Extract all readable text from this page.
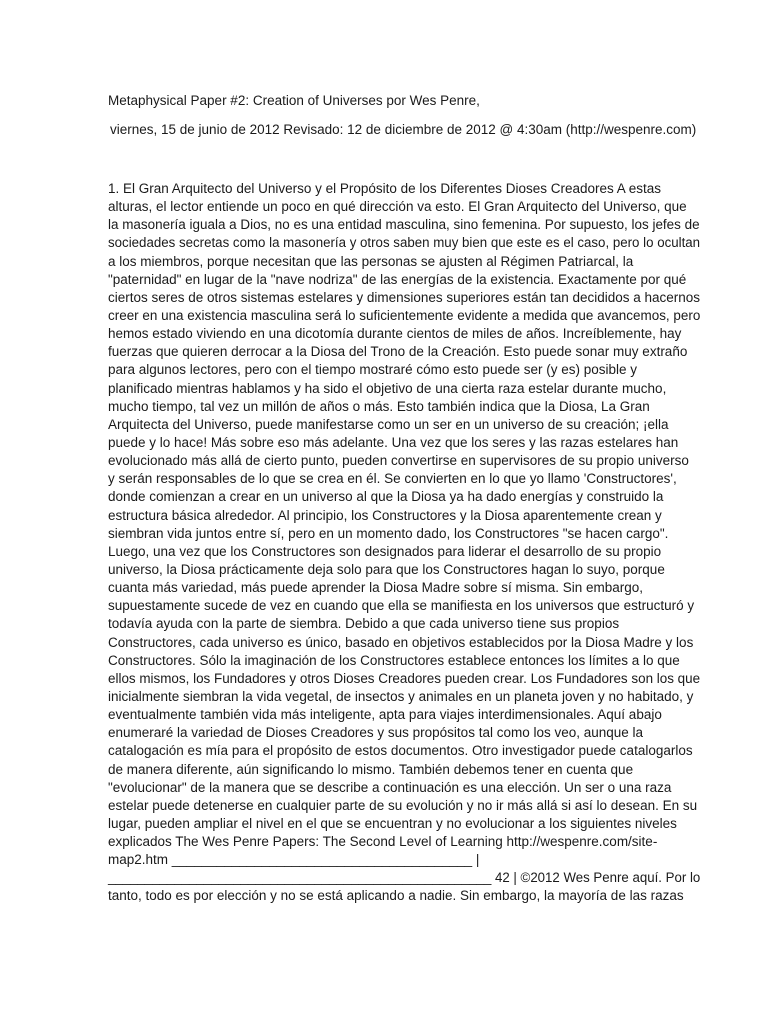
Metaphysical Paper #2: Creation of Universes por Wes Penre,
viernes, 15 de junio de 2012 Revisado: 12 de diciembre de 2012 @ 4:30am (http://wespenre.com)
1. El Gran Arquitecto del Universo y el Propósito de los Diferentes Dioses Creadores A estas
alturas, el lector entiende un poco en qué dirección va esto. El Gran Arquitecto del Universo, que
la masonería iguala a Dios, no es una entidad masculina, sino femenina. Por supuesto, los jefes de
sociedades secretas como la masonería y otros saben muy bien que este es el caso, pero lo ocultan
a los miembros, porque necesitan que las personas se ajusten al Régimen Patriarcal, la
"paternidad" en lugar de la "nave nodriza" de las energías de la existencia. Exactamente por qué
ciertos seres de otros sistemas estelares y dimensiones superiores están tan decididos a hacernos
creer en una existencia masculina será lo suficientemente evidente a medida que avancemos, pero
hemos estado viviendo en una dicotomía durante cientos de miles de años. Increíblemente, hay
fuerzas que quieren derrocar a la Diosa del Trono de la Creación. Esto puede sonar muy extraño
para algunos lectores, pero con el tiempo mostraré cómo esto puede ser (y es) posible y
planificado mientras hablamos y ha sido el objetivo de una cierta raza estelar durante mucho,
mucho tiempo, tal vez un millón de años o más. Esto también indica que la Diosa, La Gran
Arquitecta del Universo, puede manifestarse como un ser en un universo de su creación; ¡ella
puede y lo hace! Más sobre eso más adelante. Una vez que los seres y las razas estelares han
evolucionado más allá de cierto punto, pueden convertirse en supervisores de su propio universo
y serán responsables de lo que se crea en él. Se convierten en lo que yo llamo 'Constructores',
donde comienzan a crear en un universo al que la Diosa ya ha dado energías y construido la
estructura básica alrededor. Al principio, los Constructores y la Diosa aparentemente crean y
siembran vida juntos entre sí, pero en un momento dado, los Constructores "se hacen cargo".
Luego, una vez que los Constructores son designados para liderar el desarrollo de su propio
universo, la Diosa prácticamente deja solo para que los Constructores hagan lo suyo, porque
cuanta más variedad, más puede aprender la Diosa Madre sobre sí misma. Sin embargo,
supuestamente sucede de vez en cuando que ella se manifiesta en los universos que estructuró y
todavía ayuda con la parte de siembra. Debido a que cada universo tiene sus propios
Constructores, cada universo es único, basado en objetivos establecidos por la Diosa Madre y los
Constructores. Sólo la imaginación de los Constructores establece entonces los límites a lo que
ellos mismos, los Fundadores y otros Dioses Creadores pueden crear. Los Fundadores son los que
inicialmente siembran la vida vegetal, de insectos y animales en un planeta joven y no habitado, y
eventualmente también vida más inteligente, apta para viajes interdimensionales. Aquí abajo
enumeraré la variedad de Dioses Creadores y sus propósitos tal como los veo, aunque la
catalogación es mía para el propósito de estos documentos. Otro investigador puede catalogarlos
de manera diferente, aún significando lo mismo. También debemos tener en cuenta que
"evolucionar" de la manera que se describe a continuación es una elección. Un ser o una raza
estelar puede detenerse en cualquier parte de su evolución y no ir más allá si así lo desean. En su
lugar, pueden ampliar el nivel en el que se encuentran y no evolucionar a los siguientes niveles
explicados The Wes Penre Papers: The Second Level of Learning http://wespenre.com/site-
map2.htm ________________________________________ |
____________________________________________________ 42 | ©2012 Wes Penre aquí. Por lo
tanto, todo es por elección y no se está aplicando a nadie. Sin embargo, la mayoría de las razas
